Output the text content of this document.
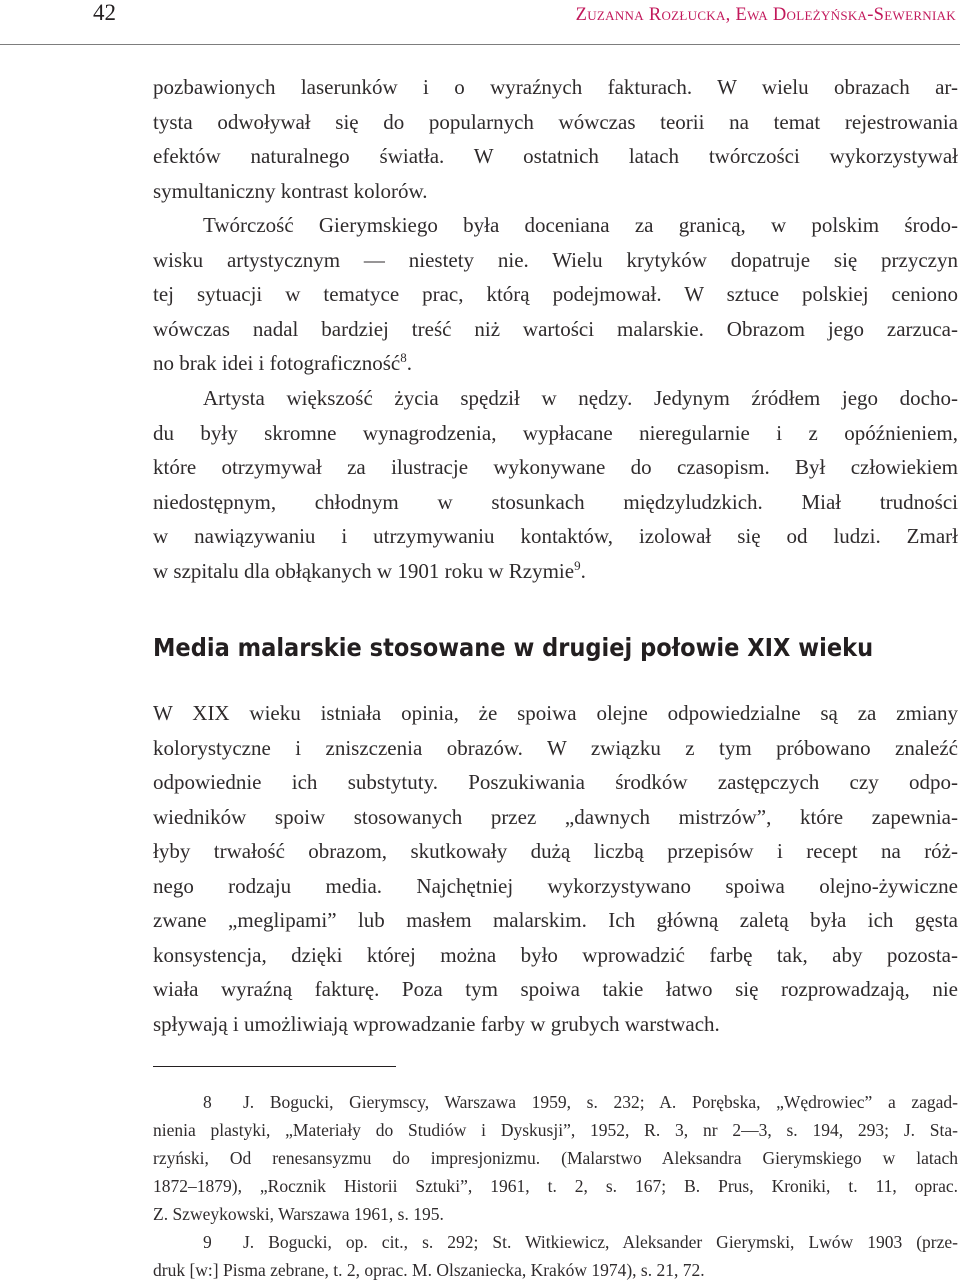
42	Zuzanna Rozłucka, Ewa Doleżyńska-Sewerniak
pozbawionych laserunków i o wyraźnych fakturach. W wielu obrazach ar-
tysta odwoływał się do popularnych wówczas teorii na temat rejestrowania
efektów naturalnego światła. W ostatnich latach twórczości wykorzystywał
symultaniczny kontrast kolorów.
Twórczość Gierymskiego była doceniana za granicą, w polskim środo-
wisku artystycznym — niestety nie. Wielu krytyków dopatruje się przyczyn
tej sytuacji w tematyce prac, którą podejmował. W sztuce polskiej ceniono
wówczas nadal bardziej treść niż wartości malarskie. Obrazom jego zarzuca-
no brak idei i fotograficzność$^8$.
Artysta większość życia spędził w nędzy. Jedynym źródłem jego docho-
du były skromne wynagrodzenia, wypłacane nieregularnie i z opóźnieniem,
które otrzymywał za ilustracje wykonywane do czasopism. Był człowiekiem
niedostępnym, chłodnym w stosunkach międzyludzkich. Miał trudności
w nawiązywaniu i utrzymywaniu kontaktów, izolował się od ludzi. Zmarł
w szpitalu dla obłąkanych w 1901 roku w Rzymie$^9$.
Media malarskie stosowane w drugiej połowie XIX wieku
W XIX wieku istniała opinia, że spoiwa olejne odpowiedzialne są za zmiany
kolorystyczne i zniszczenia obrazów. W związku z tym próbowano znaleźć
odpowiednie ich substytuty. Poszukiwania środków zastępczych czy odpo-
wiedników spoiw stosowanych przez „dawnych mistrzów”, które zapewnia-
łyby trwałość obrazom, skutkowały dużą liczbą przepisów i recept na róż-
nego rodzaju media. Najchętniej wykorzystywano spoiwa olejno-żywiczne
zwane „meglipami” lub masłem malarskim. Ich główną zaletą była ich gęsta
konsystencja, dzięki której można było wprowadzić farbę tak, aby pozosta-
wiała wyraźną fakturę. Poza tym spoiwa takie łatwo się rozprowadzają, nie
spływają i umożliwiają wprowadzanie farby w grubych warstwach.
8 J. Bogucki, Gierymscy, Warszawa 1959, s. 232; A. Porębska, „Wędrowiec” a zagad-
nienia plastyki, „Materiały do Studiów i Dyskusji”, 1952, R. 3, nr 2—3, s. 194, 293; J. Sta-
rzyński, Od renesansyzmu do impresjonizmu. (Malarstwo Aleksandra Gierymskiego w latach
1872–1879), „Rocznik Historii Sztuki”, 1961, t. 2, s. 167; B. Prus, Kroniki, t. 11, oprac.
Z. Szweykowski, Warszawa 1961, s. 195.
9 J. Bogucki, op. cit., s. 292; St. Witkiewicz, Aleksander Gierymski, Lwów 1903 (prze-
druk [w:] Pisma zebrane, t. 2, oprac. M. Olszaniecka, Kraków 1974), s. 21, 72.
